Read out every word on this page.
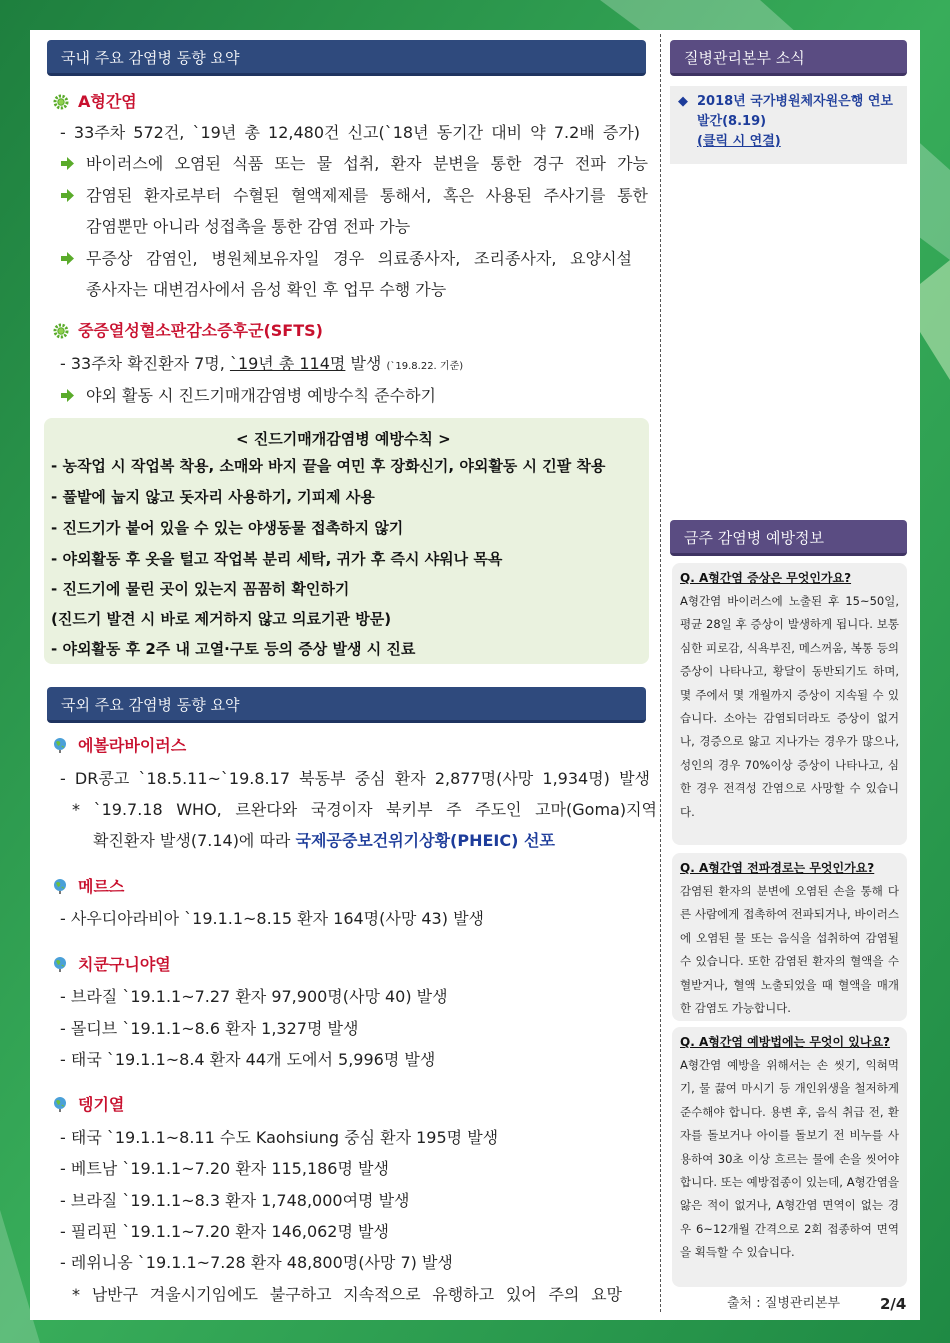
국내 주요 감염병 동향 요약
A형간염
- 33주차 572건, `19년 총 12,480건 신고(`18년 동기간 대비 약 7.2배 증가)
바이러스에 오염된 식품 또는 물 섭취, 환자 분변을 통한 경구 전파 가능
감염된 환자로부터 수혈된 혈액제제를 통해서, 혹은 사용된 주사기를 통한
감염뿐만 아니라 성접촉을 통한 감염 전파 가능
무증상 감염인, 병원체보유자일 경우 의료종사자, 조리종사자, 요양시설
종사자는 대변검사에서 음성 확인 후 업무 수행 가능
중증열성혈소판감소증후군(SFTS)
- 33주차 확진환자 7명, `19년 총 114명 발생 (`19.8.22. 기준)
야외 활동 시 진드기매개감염병 예방수칙 준수하기
< 진드기매개감염병 예방수칙 >
- 농작업 시 작업복 착용, 소매와 바지 끝을 여민 후 장화신기, 야외활동 시 긴팔 착용
- 풀밭에 눕지 않고 돗자리 사용하기, 기피제 사용
- 진드기가 붙어 있을 수 있는 야생동물 접촉하지 않기
- 야외활동 후 옷을 털고 작업복 분리 세탁, 귀가 후 즉시 샤워나 목욕
- 진드기에 물린 곳이 있는지 꼼꼼히 확인하기
(진드기 발견 시 바로 제거하지 않고 의료기관 방문)
- 야외활동 후 2주 내 고열·구토 등의 증상 발생 시 진료
국외 주요 감염병 동향 요약
에볼라바이러스
- DR콩고 `18.5.11~`19.8.17 북동부 중심 환자 2,877명(사망 1,934명) 발생
* `19.7.18 WHO, 르완다와 국경이자 북키부 주 주도인 고마(Goma)지역
확진환자 발생(7.14)에 따라 국제공중보건위기상황(PHEIC) 선포
메르스
- 사우디아라비아 `19.1.1~8.15 환자 164명(사망 43) 발생
치쿤구니야열
- 브라질 `19.1.1~7.27 환자 97,900명(사망 40) 발생
- 몰디브 `19.1.1~8.6 환자 1,327명 발생
- 태국 `19.1.1~8.4 환자 44개 도에서 5,996명 발생
뎅기열
- 태국 `19.1.1~8.11 수도 Kaohsiung 중심 환자 195명 발생
- 베트남 `19.1.1~7.20 환자 115,186명 발생
- 브라질 `19.1.1~8.3 환자 1,748,000여명 발생
- 필리핀 `19.1.1~7.20 환자 146,062명 발생
- 레위니옹 `19.1.1~7.28 환자 48,800명(사망 7) 발생
* 남반구 겨울시기임에도 불구하고 지속적으로 유행하고 있어 주의 요망
질병관리본부 소식
◆ 2018년 국가병원체자원은행 연보
발간(8.19)
(클릭 시 연결)
금주 감염병 예방정보
Q. A형간염 증상은 무엇인가요?
A형간염 바이러스에 노출된 후 15~50일, 평균 28일 후 증상이 발생하게 됩니다. 보통 심한 피로감, 식욕부진, 메스꺼움, 복통 등의 증상이 나타나고, 황달이 동반되기도 하며, 몇 주에서 몇 개월까지 증상이 지속될 수 있습니다. 소아는 감염되더라도 증상이 없거나, 경증으로 앓고 지나가는 경우가 많으나, 성인의 경우 70%이상 증상이 나타나고, 심한 경우 전격성 간염으로 사망할 수 있습니다.
Q. A형간염 전파경로는 무엇인가요?
감염된 환자의 분변에 오염된 손을 통해 다른 사람에게 접촉하여 전파되거나, 바이러스에 오염된 물 또는 음식을 섭취하여 감염될 수 있습니다. 또한 감염된 환자의 혈액을 수혈받거나, 혈액 노출되었을 때 혈액을 매개한 감염도 가능합니다.
Q. A형간염 예방법에는 무엇이 있나요?
A형간염 예방을 위해서는 손 씻기, 익혀먹기, 물 끓여 마시기 등 개인위생을 철저하게 준수해야 합니다. 용변 후, 음식 취급 전, 환자를 돌보거나 아이를 돌보기 전 비누를 사용하여 30초 이상 흐르는 물에 손을 씻어야 합니다. 또는 예방접종이 있는데, A형간염을 앓은 적이 없거나, A형간염 면역이 없는 경우 6~12개월 간격으로 2회 접종하여 면역을 획득할 수 있습니다.
출처 : 질병관리본부	2/4
